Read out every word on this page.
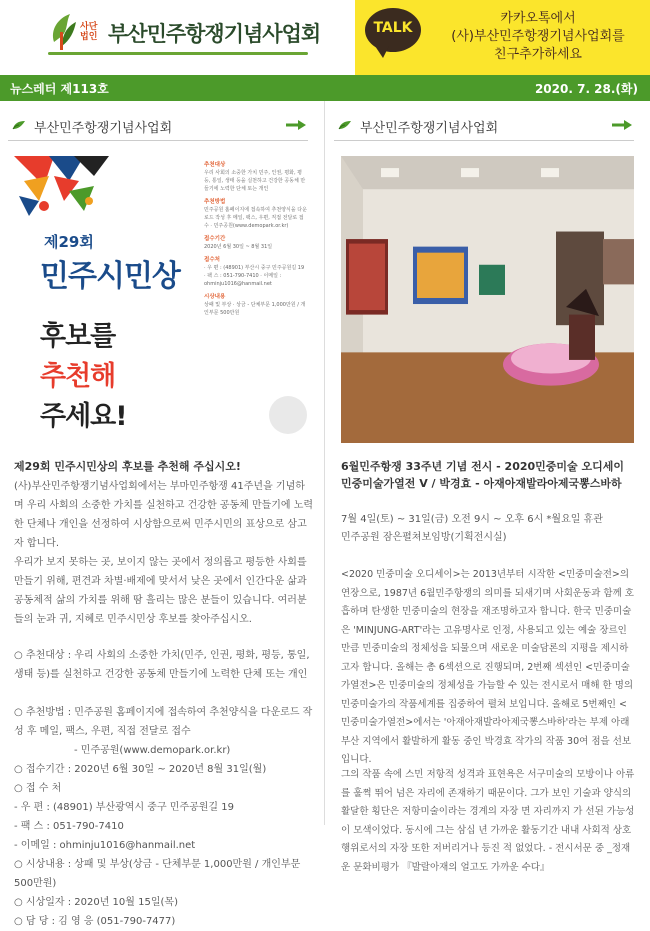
사단
법인 부산민주항쟁기념사업회	TALK
카카오톡에서
(사)부산민주항쟁기념사업회를
친구추가하세요
뉴스레터 제113호	2020. 7. 28.(화)
부산민주항쟁기념사업회
제29회
민주시민상
후보를
추천해
주세요!
추천대상
우리 사회의 소중한 가치 민주, 인권, 평화, 평등, 통일, 생태 등을 실천하고 건강한 공동체 만들기에 노력한 단체 또는 개인
추천방법
민주공원 홈페이지에 접속하여 추천양식을 다운로드 작성 후 메일, 팩스, 우편, 직접 전달로 접수 · 민주공원(www.demopark.or.kr)
접수기간
2020년 6월 30일 ~ 8월 31일
접수처
· 우 편 : (48901) 부산시 중구 민주공원길 19 · 팩 스 : 051-790-7410 · 이메일 : ohminju1016@hanmail.net
시상내용
상패 및 부상 · 상금 - 단체부문 1,000만원 / 개인부문 500만원
제29회 민주시민상의 후보를 추천해 주십시오!
(사)부산민주항쟁기념사업회에서는 부마민주항쟁 41주년을 기념하며 우리 사회의 소중한 가치를 실천하고 건강한 공동체 만들기에 노력한 단체나 개인을 선정하여 시상함으로써 민주시민의 표상으로 삼고자 합니다.
우리가 보지 못하는 곳, 보이지 않는 곳에서 정의롭고 평등한 사회를 만들기 위해, 편견과 차별·배제에 맞서서 낮은 곳에서 인간다운 삶과 공동체적 삶의 가치를 위해 땀 흘리는 많은 분들이 있습니다. 여러분들의 눈과 귀, 지혜로 민주시민상 후보를 찾아주십시오.
○ 추천대상 : 우리 사회의 소중한 가치(민주, 인권, 평화, 평등, 통일, 생태 등)를 실천하고 건강한 공동체 만들기에 노력한 단체 또는 개인
○ 추천방법 : 민주공원 홈페이지에 접속하여 추천양식을 다운로드 작성 후 메일, 팩스, 우편, 직접 전달로 접수
- 민주공원(www.demopark.or.kr)
○ 접수기간 : 2020년 6월 30일 ~ 2020년 8월 31일(월)
○ 접 수 처
- 우 편 : (48901) 부산광역시 중구 민주공원길 19
- 팩 스 : 051-790-7410
- 이메일 : ohminju1016@hanmail.net
○ 시상내용 : 상패 및 부상(상금 - 단체부문 1,000만원 / 개인부문 500만원)
○ 시상일자 : 2020년 10월 15일(목)
○ 담 당 : 김 영 응 (051-790-7477)
부산민주항쟁기념사업회
6월민주항쟁 33주년 기념 전시 - 2020민중미술 오디세이 민중미술가열전 Ⅴ / 박경효 - 아재아재발라아제국뽕스바하
7월 4일(토) ~ 31일(금) 오전 9시 ~ 오후 6시 *월요일 휴관
민주공원 잠은펼쳐보임방(기획전시실)
<2020 민중미술 오디세이>는 2013년부터 시작한 <민중미술전>의 연장으로, 1987년 6월민주항쟁의 의미를 되새기며 사회운동과 함께 호흡하며 탄생한 민중미술의 현장을 재조명하고자 합니다. 한국 민중미술은 'MINJUNG-ART'라는 고유명사로 인정, 사용되고 있는 예술 장르인 만큼 민중미술의 정체성을 되물으며 새로운 미술담론의 지평을 제시하고자 합니다. 올해는 총 6섹션으로 진행되며, 2번째 섹션인 <민중미술가열전>은 민중미술의 정체성을 가늠할 수 있는 전시로서 매해 한 명의 민중미술가의 작품세계를 집중하여 펼쳐 보입니다. 올해로 5번째인 <민중미술가열전>에서는 '아재아재발라아제국뽕스바하'라는 부제 아래 부산 지역에서 활발하게 활동 중인 박경효 작가의 작품 30여 점을 선보입니다.
그의 작품 속에 스민 저항적 성격과 표현욕은 서구미술의 모방이나 아류를 훌쩍 뛰어 넘은 자리에 존재하기 때문이다. 그가 보인 기술과 양식의 활달한 횡단은 저항미술이라는 경계의 자장 면 자리까지 가 선된 가능성이 모색이었다. 동시에 그는 삼십 년 가까운 활동기간 내내 사회적 상호 행위로서의 자장 또한 저버리거나 등진 적 없었다. - 전시서문 중 _정재운 문화비평가 『발랄아재의 얼고도 가까운 수다』
